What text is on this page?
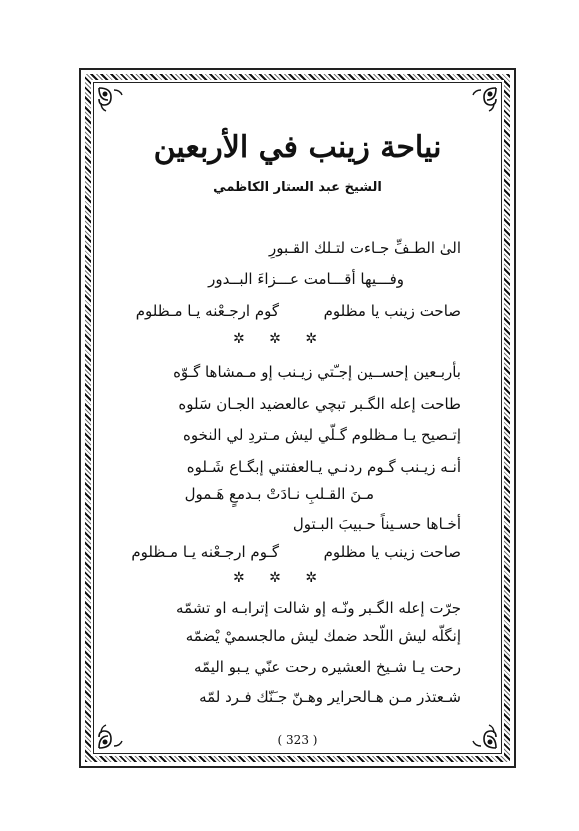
نياحة زينب في الأربعين
الشيخ عبد الستار الكاظمي
الىٰ الطـفِّ جـاءت لتـلك القـبورِ
وفـــيها أقـــامت عـــزاءَ البــدور
صاحت زينب يا مظلوم
گوم ارجـعْنه يـا مـظلوم
✲ ✲ ✲
بأربـعين إحســين إجـّتي زيـنب إو مـمشاها گـوّه
طاحت إعله الگـبر تبچي عالعضيد الجـان سَلوه
إتـصيح يـا مـظلوم گـلّي ليش مـتردِ لي النخوه
أنـه زيـنب گـوم ردنـي يـالعفتني إبگـاع شَـلوه
مـنَ القـلبِ نـادَتْ بـدمعٍ هَـمول
أخـاها حسـيناً حـبيبَ البـتول
صاحت زينب يا مظلوم
گـوم ارجـعْنه يـا مـظلوم
✲ ✲ ✲
جرّت إعله الگـبر ونّـه إو شالت إترابـه او تشمّه
إنگلّه ليش اللّحد ضمك ليش مالجسميْ يْضمّه
رحت يـا شـيخ العشيره رحت عنّي يـبو اليمّه
شـعتذر مـن هـالحراير وهـنّ جـَنّك فـرد لمّه
( 323 )
